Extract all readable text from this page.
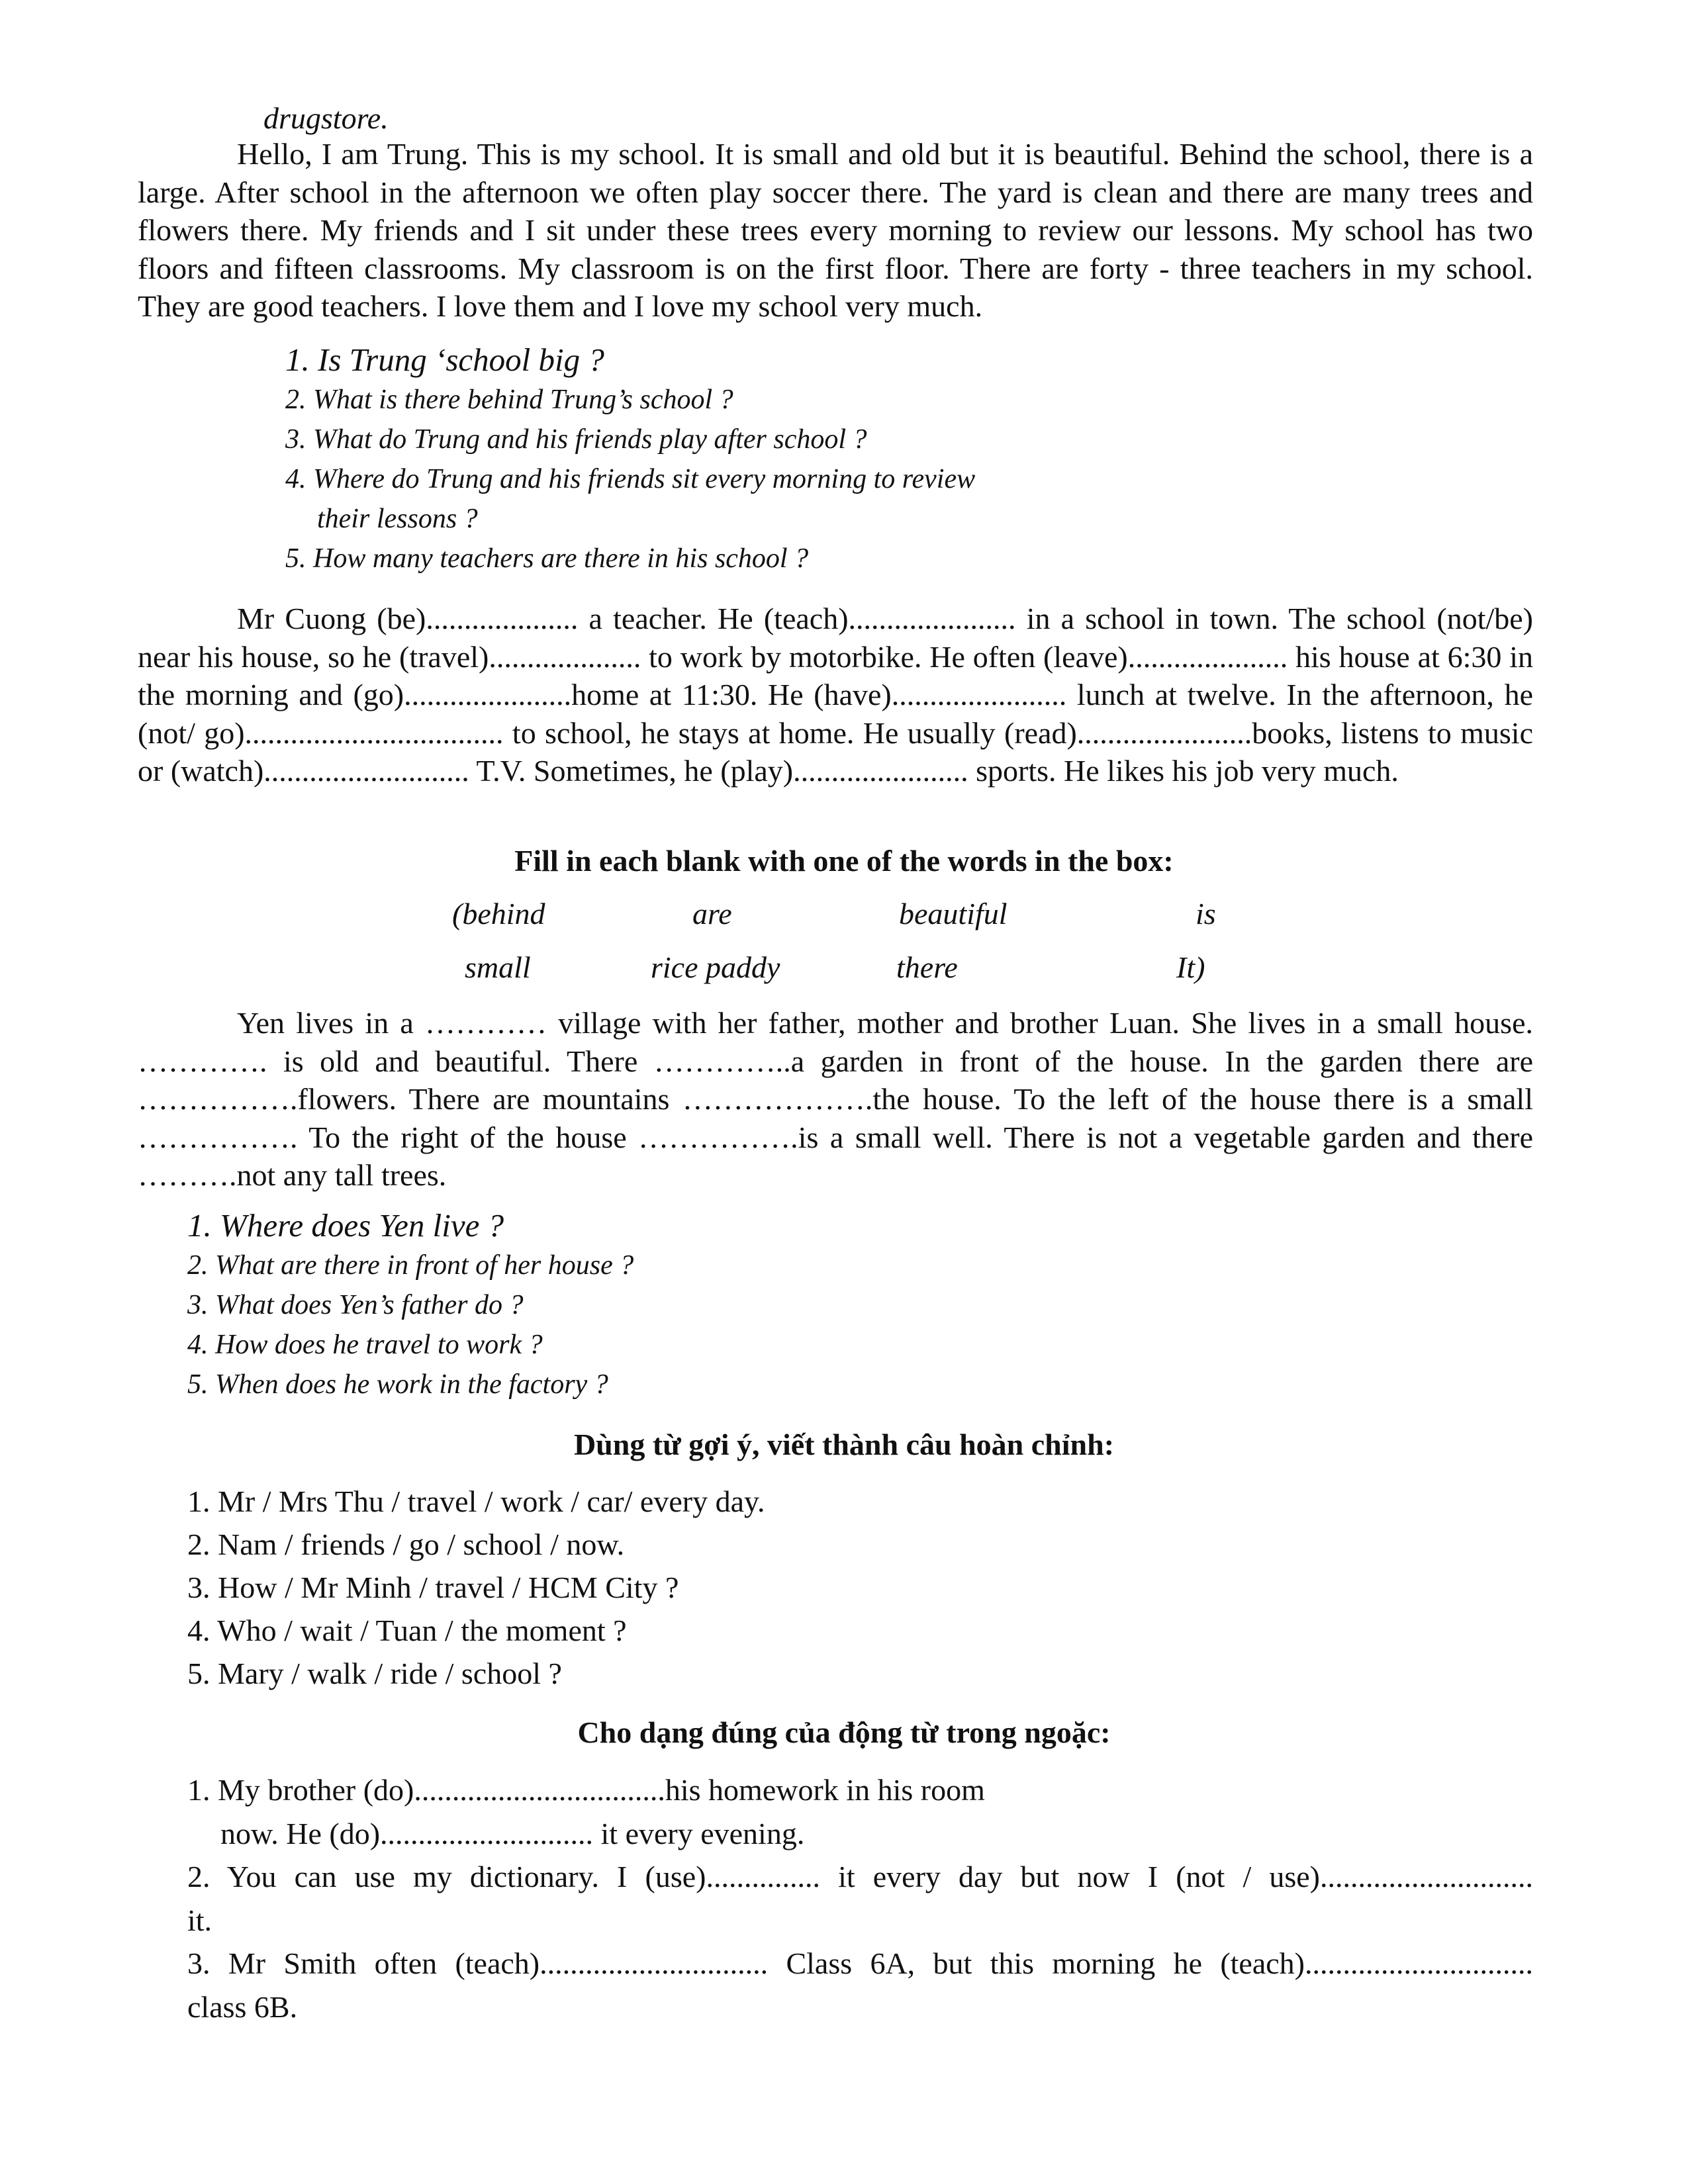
drugstore.
Hello, I am Trung. This is my school. It is small and old but it is beautiful. Behind the school, there is a large. After school in the afternoon we often play soccer there. The yard is clean and there are many trees and flowers there. My friends and I sit under these trees every morning to review our lessons. My school has two floors and fifteen classrooms. My classroom is on the first floor. There are forty - three teachers in my school. They are good teachers. I love them and I love my school very much.
1. Is Trung ‘school big ?
2. What is there behind Trung’s school ?
3. What do Trung and his friends play after school ?
4. Where do Trung and his friends sit every morning to review
their lessons ?
5. How many teachers are there in his school ?
Mr Cuong (be).................... a teacher. He (teach)...................... in a school in town. The school (not/be) near his house, so he (travel).................... to work by motorbike. He often (leave)..................... his house at 6:30 in the morning and (go)......................home at 11:30. He (have)....................... lunch at twelve. In the afternoon, he (not/ go).................................. to school, he stays at home. He usually (read).......................books, listens to music or (watch)........................... T.V. Sometimes, he (play)....................... sports. He likes his job very much.
Fill in each blank with one of the words in the box:
(behind	are	beautiful	is
small	rice paddy	there	It)
Yen lives in a ………… village with her father, mother and brother Luan. She lives in a small house. …………. is old and beautiful. There …………..a garden in front of the house. In the garden there are …………….flowers. There are mountains ……………….the house. To the left of the house there is a small ……………. To the right of the house …………….is a small well. There is not a vegetable garden and there ……….not any tall trees.
1. Where does Yen live ?
2. What are there in front of her house ?
3. What does Yen’s father do ?
4. How does he travel to work ?
5. When does he work in the factory ?
Dùng từ gợi ý, viết thành câu hoàn chỉnh:
1. Mr / Mrs Thu / travel / work / car/ every day.
2. Nam / friends / go / school / now.
3. How / Mr Minh / travel / HCM City ?
4. Who / wait / Tuan / the moment ?
5. Mary / walk / ride / school ?
Cho dạng đúng của động từ trong ngoặc:
1. My brother (do).................................his homework in his room
now. He (do)............................ it every evening.
2. You can use my dictionary. I (use)............... it every day but now I (not / use)............................
it.
3. Mr Smith often (teach).............................. Class 6A, but this morning he (teach)..............................
class 6B.
